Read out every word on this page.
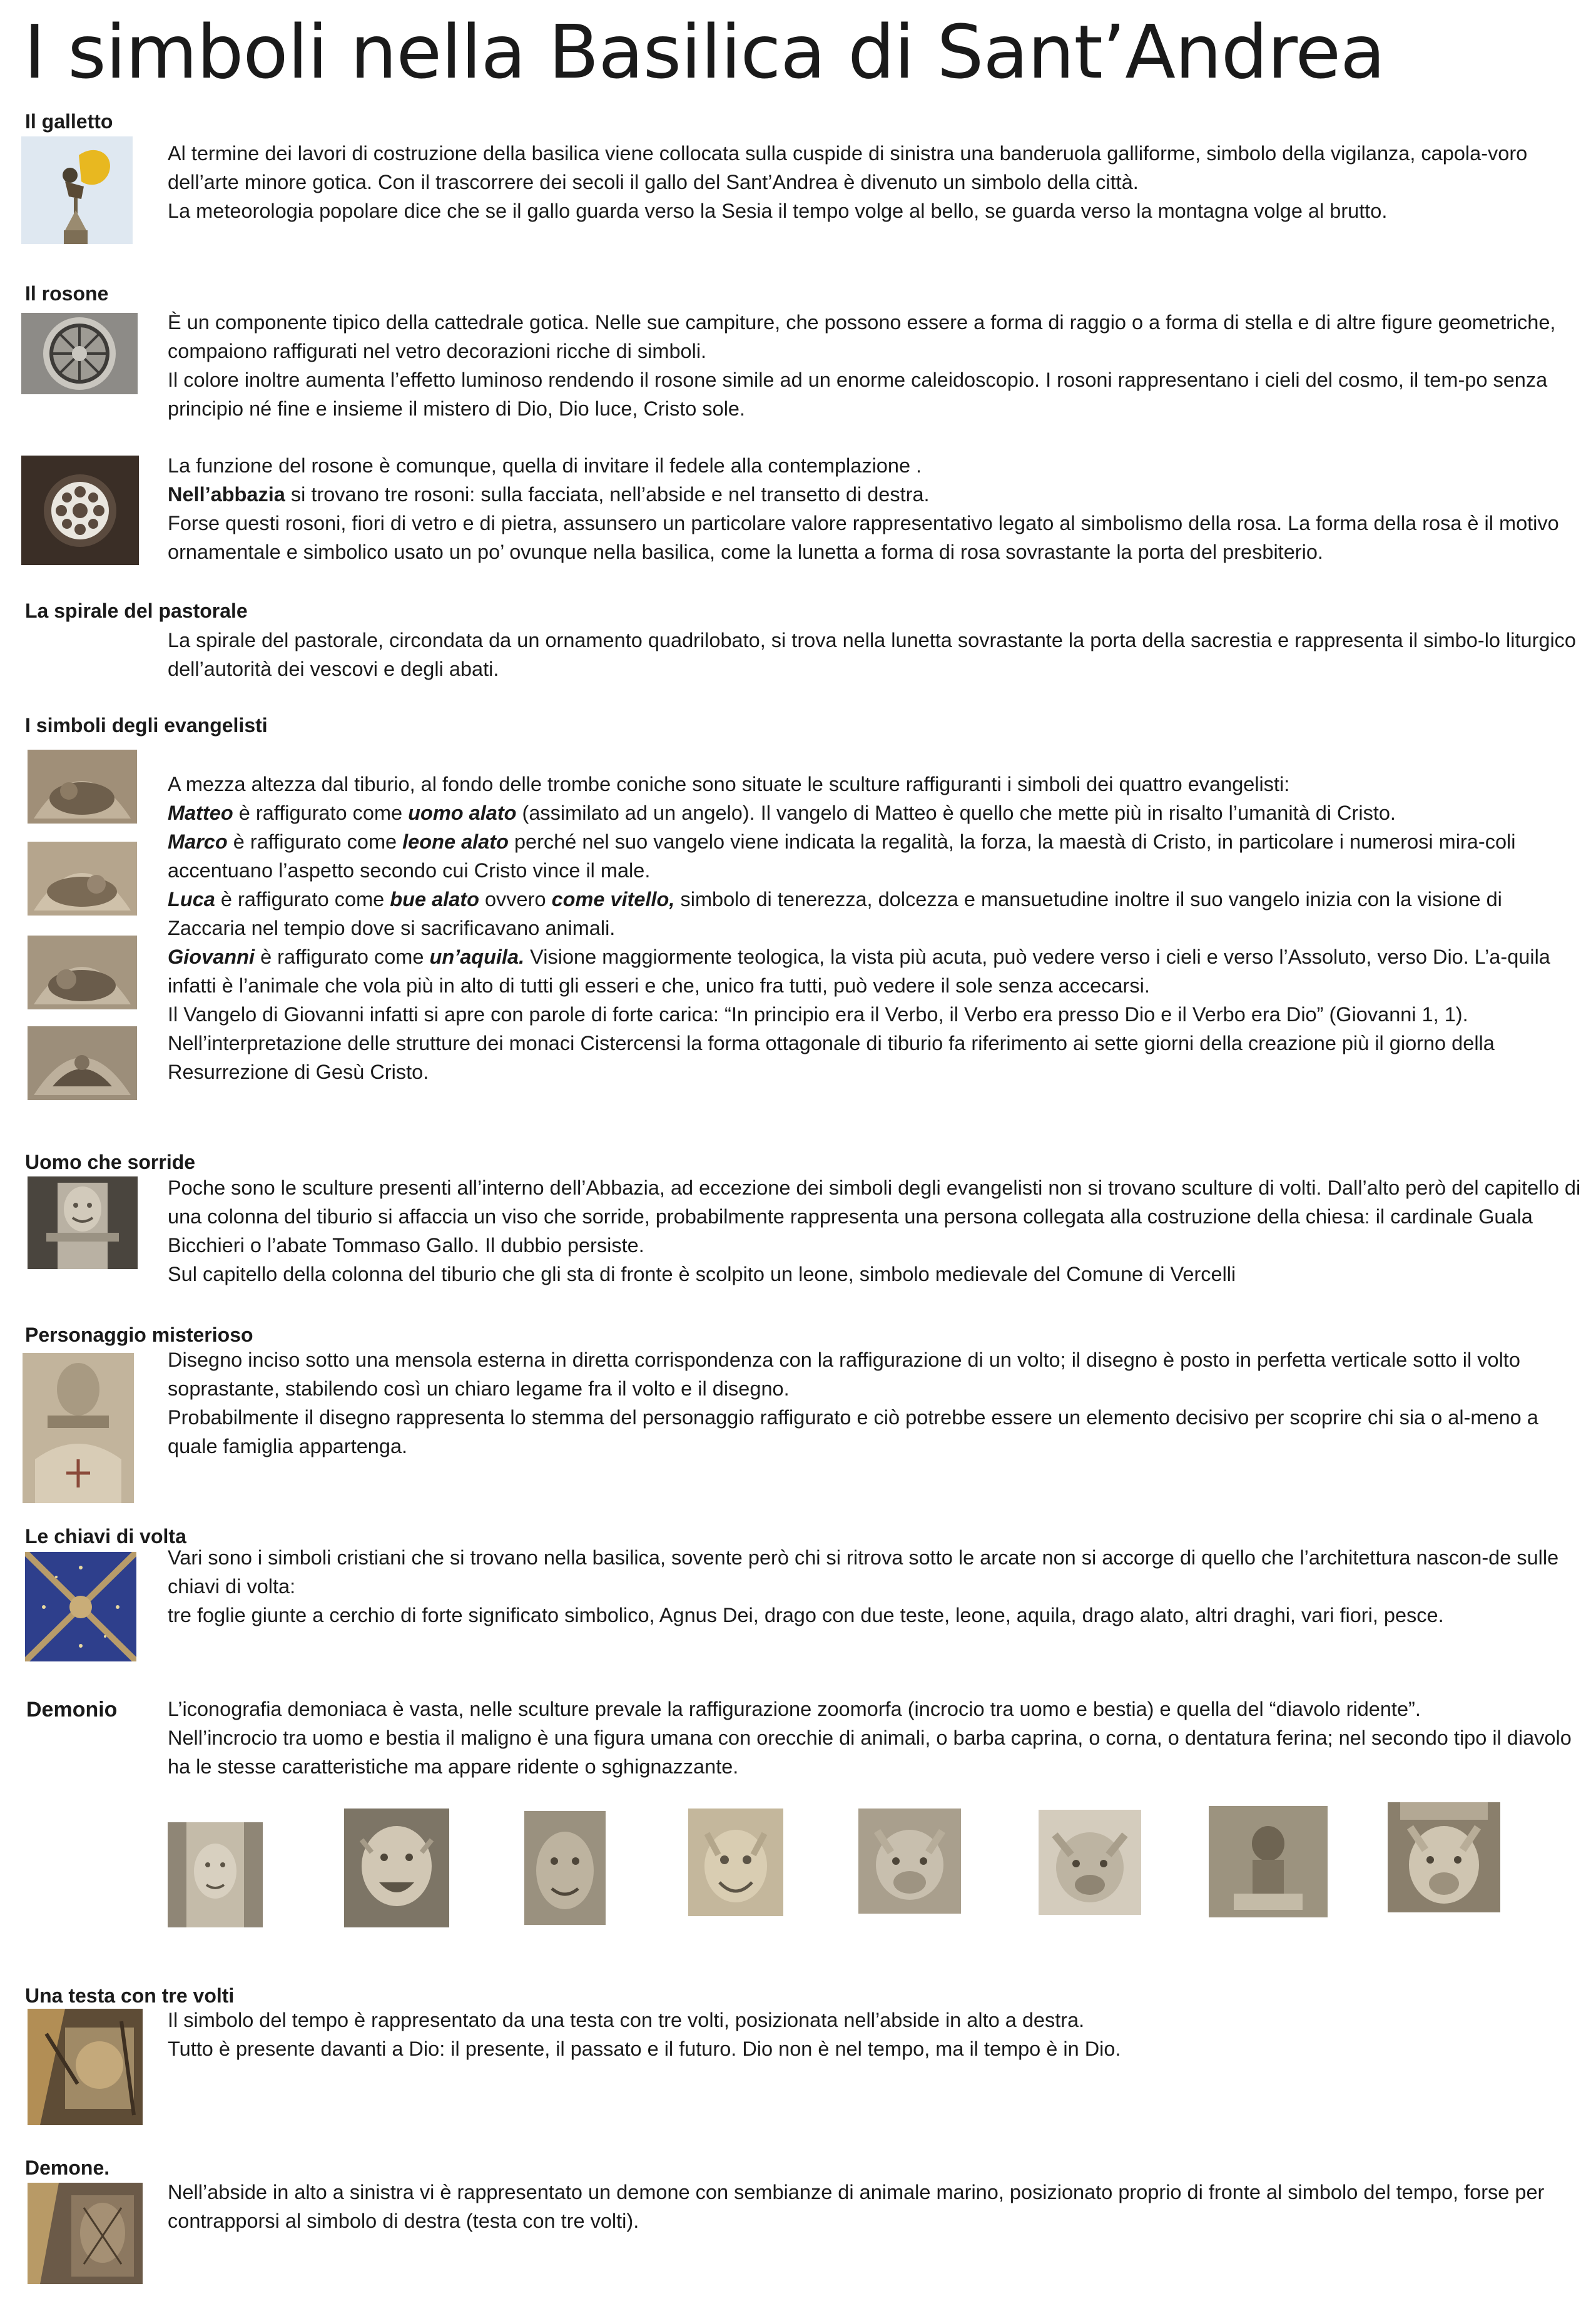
I simboli nella Basilica di Sant’Andrea
Il galletto

Al termine dei lavori di costruzione della basilica viene collocata sulla cuspide di sinistra una banderuola galliforme, simbolo della vigilanza, capola-voro dell’arte minore gotica. Con il trascorrere dei secoli il gallo del Sant’Andrea è divenuto un simbolo della città.

La meteorologia popolare dice che se il gallo guarda verso la Sesia il tempo volge al bello, se guarda verso la montagna volge al brutto.

Il rosone

È un componente tipico della cattedrale gotica. Nelle sue campiture, che possono essere a forma di raggio o a forma di stella e di altre figure geometriche, compaiono raffigurati nel vetro decorazioni ricche di simboli.

Il colore inoltre aumenta l’effetto luminoso rendendo il rosone simile ad un enorme caleidoscopio. I rosoni rappresentano i cieli del cosmo, il tem-po senza principio né fine e insieme il mistero di Dio, Dio luce, Cristo sole.

La funzione del rosone è comunque, quella di invitare il fedele alla contemplazione .

Nell’abbazia si trovano tre rosoni: sulla facciata, nell’abside e nel transetto di destra.

Forse questi rosoni, fiori di vetro e di pietra, assunsero un particolare valore rappresentativo legato al simbolismo della rosa. La forma della rosa è il motivo ornamentale e simbolico usato un po’ ovunque nella basilica, come la lunetta a forma di rosa sovrastante la porta del presbiterio.

La spirale del pastorale

La spirale del pastorale, circondata da un ornamento quadrilobato, si trova nella lunetta sovrastante la porta della sacrestia e rappresenta il simbo-lo liturgico dell’autorità dei vescovi e degli abati.

I simboli degli evangelisti

A mezza altezza dal tiburio, al fondo delle trombe coniche sono situate le sculture raffiguranti i simboli dei quattro evangelisti:

Matteo è raffigurato come uomo alato (assimilato ad un angelo). Il vangelo di Matteo è quello che mette più in risalto l’umanità di Cristo.

Marco è raffigurato come leone alato perché nel suo vangelo viene indicata la regalità, la forza, la maestà di Cristo, in particolare i numerosi mira-coli accentuano l’aspetto secondo cui Cristo vince il male.

Luca è raffigurato come bue alato ovvero come vitello, simbolo di tenerezza, dolcezza e mansuetudine inoltre il suo vangelo inizia con la visione di Zaccaria nel tempio dove si sacrificavano animali.

Giovanni è raffigurato come un’aquila. Visione maggiormente teologica, la vista più acuta, può vedere verso i cieli e verso l’Assoluto, verso Dio. L’a-quila infatti è l’animale che vola più in alto di tutti gli esseri e che, unico fra tutti, può vedere il sole senza accecarsi.

Il Vangelo di Giovanni infatti si apre con parole di forte carica: “In principio era il Verbo, il Verbo era presso Dio e il Verbo era Dio” (Giovanni 1, 1).

Nell’interpretazione delle strutture dei monaci Cistercensi la forma ottagonale di tiburio fa riferimento ai sette giorni della creazione più il giorno della Resurrezione di Gesù Cristo.

Uomo che sorride

Poche sono le sculture presenti all’interno dell’Abbazia, ad eccezione dei simboli degli evangelisti non si trovano sculture di volti. Dall’alto però del capitello di una colonna del tiburio si affaccia un viso che sorride, probabilmente rappresenta una persona collegata alla costruzione della chiesa: il cardinale Guala Bicchieri o l’abate Tommaso Gallo. Il dubbio persiste.

Sul capitello della colonna del tiburio che gli sta di fronte è scolpito un leone, simbolo medievale del Comune di Vercelli

Personaggio misterioso

Disegno inciso sotto una mensola esterna in diretta corrispondenza con la raffigurazione di un volto; il disegno è posto in perfetta verticale sotto il volto soprastante, stabilendo così un chiaro legame fra il volto e il disegno.

Probabilmente il disegno rappresenta lo stemma del personaggio raffigurato e ciò potrebbe essere un elemento decisivo per scoprire chi sia o al-meno a quale famiglia appartenga.

Le chiavi di volta

Vari sono i simboli cristiani che si trovano nella basilica, sovente però chi si ritrova sotto le arcate non si accorge di quello che l’architettura nascon-de sulle chiavi di volta:

tre foglie giunte a cerchio di forte significato simbolico, Agnus Dei, drago con due teste, leone, aquila, drago alato, altri draghi, vari fiori, pesce.

Demonio L’iconografia demoniaca è vasta, nelle sculture prevale la raffigurazione zoomorfa (incrocio tra uomo e bestia) e quella del “diavolo ridente”.

Nell’incrocio tra uomo e bestia il maligno è una figura umana con orecchie di animali, o barba caprina, o corna, o dentatura ferina; nel secondo tipo il diavolo ha le stesse caratteristiche ma appare ridente o sghignazzante.

Una testa con tre volti

Il simbolo del tempo è rappresentato da una testa con tre volti, posizionata nell’abside in alto a destra.

Tutto è presente davanti a Dio: il presente, il passato e il futuro. Dio non è nel tempo, ma il tempo è in Dio.

Demone.

Nell’abside in alto a sinistra vi è rappresentato un demone con sembianze di animale marino, posizionato proprio di fronte al simbolo del tempo, forse per contrapporsi al simbolo di destra (testa con tre volti).
